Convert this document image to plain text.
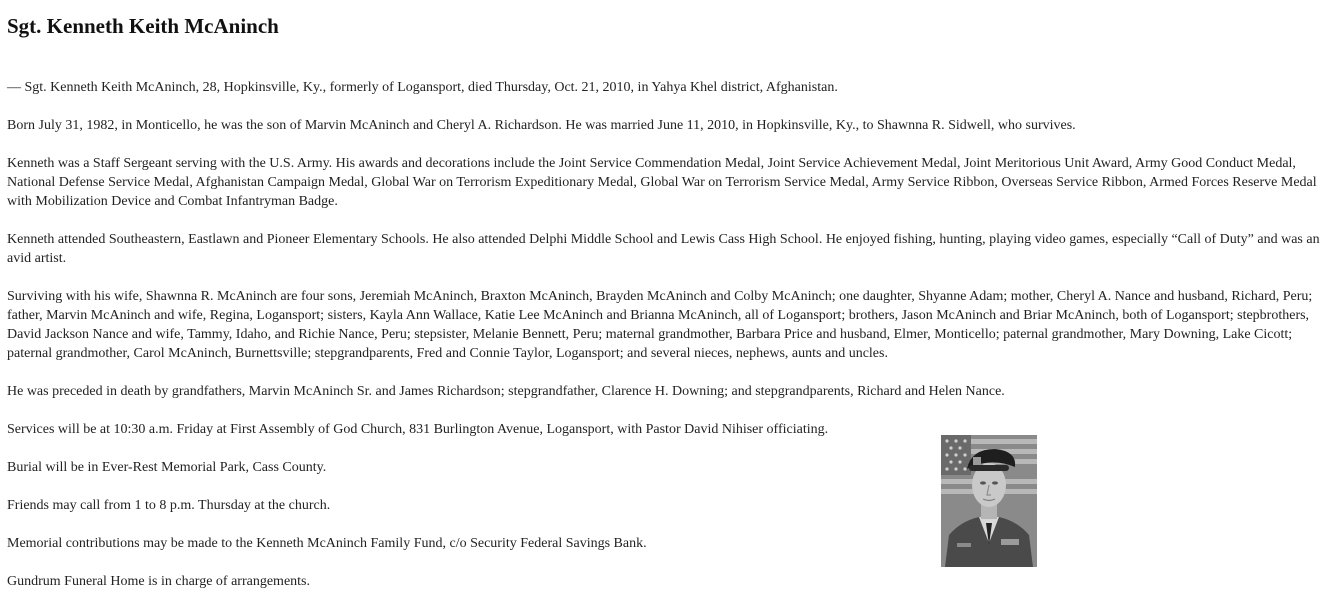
Sgt. Kenneth Keith McAninch

— Sgt. Kenneth Keith McAninch, 28, Hopkinsville, Ky., formerly of Logansport, died Thursday, Oct. 21, 2010, in Yahya Khel district, Afghanistan.

Born July 31, 1982, in Monticello, he was the son of Marvin McAninch and Cheryl A. Richardson. He was married June 11, 2010, in Hopkinsville, Ky., to Shawnna R. Sidwell, who survives.

Kenneth was a Staff Sergeant serving with the U.S. Army. His awards and decorations include the Joint Service Commendation Medal, Joint Service Achievement Medal, Joint Meritorious Unit Award, Army Good Conduct Medal, National Defense Service Medal, Afghanistan Campaign Medal, Global War on Terrorism Expeditionary Medal, Global War on Terrorism Service Medal, Army Service Ribbon, Overseas Service Ribbon, Armed Forces Reserve Medal with Mobilization Device and Combat Infantryman Badge.

Kenneth attended Southeastern, Eastlawn and Pioneer Elementary Schools. He also attended Delphi Middle School and Lewis Cass High School. He enjoyed fishing, hunting, playing video games, especially “Call of Duty” and was an avid artist.

Surviving with his wife, Shawnna R. McAninch are four sons, Jeremiah McAninch, Braxton McAninch, Brayden McAninch and Colby McAninch; one daughter, Shyanne Adam; mother, Cheryl A. Nance and husband, Richard, Peru; father, Marvin McAninch and wife, Regina, Logansport; sisters, Kayla Ann Wallace, Katie Lee McAninch and Brianna McAninch, all of Logansport; brothers, Jason McAninch and Briar McAninch, both of Logansport; stepbrothers, David Jackson Nance and wife, Tammy, Idaho, and Richie Nance, Peru; stepsister, Melanie Bennett, Peru; maternal grandmother, Barbara Price and husband, Elmer, Monticello; paternal grandmother, Mary Downing, Lake Cicott; paternal grandmother, Carol McAninch, Burnettsville; stepgrandparents, Fred and Connie Taylor, Logansport; and several nieces, nephews, aunts and uncles.

He was preceded in death by grandfathers, Marvin McAninch Sr. and James Richardson; stepgrandfather, Clarence H. Downing; and stepgrandparents, Richard and Helen Nance.

Services will be at 10:30 a.m. Friday at First Assembly of God Church, 831 Burlington Avenue, Logansport, with Pastor David Nihiser officiating.

Burial will be in Ever-Rest Memorial Park, Cass County.

Friends may call from 1 to 8 p.m. Thursday at the church.

Memorial contributions may be made to the Kenneth McAninch Family Fund, c/o Security Federal Savings Bank.

Gundrum Funeral Home is in charge of arrangements.
